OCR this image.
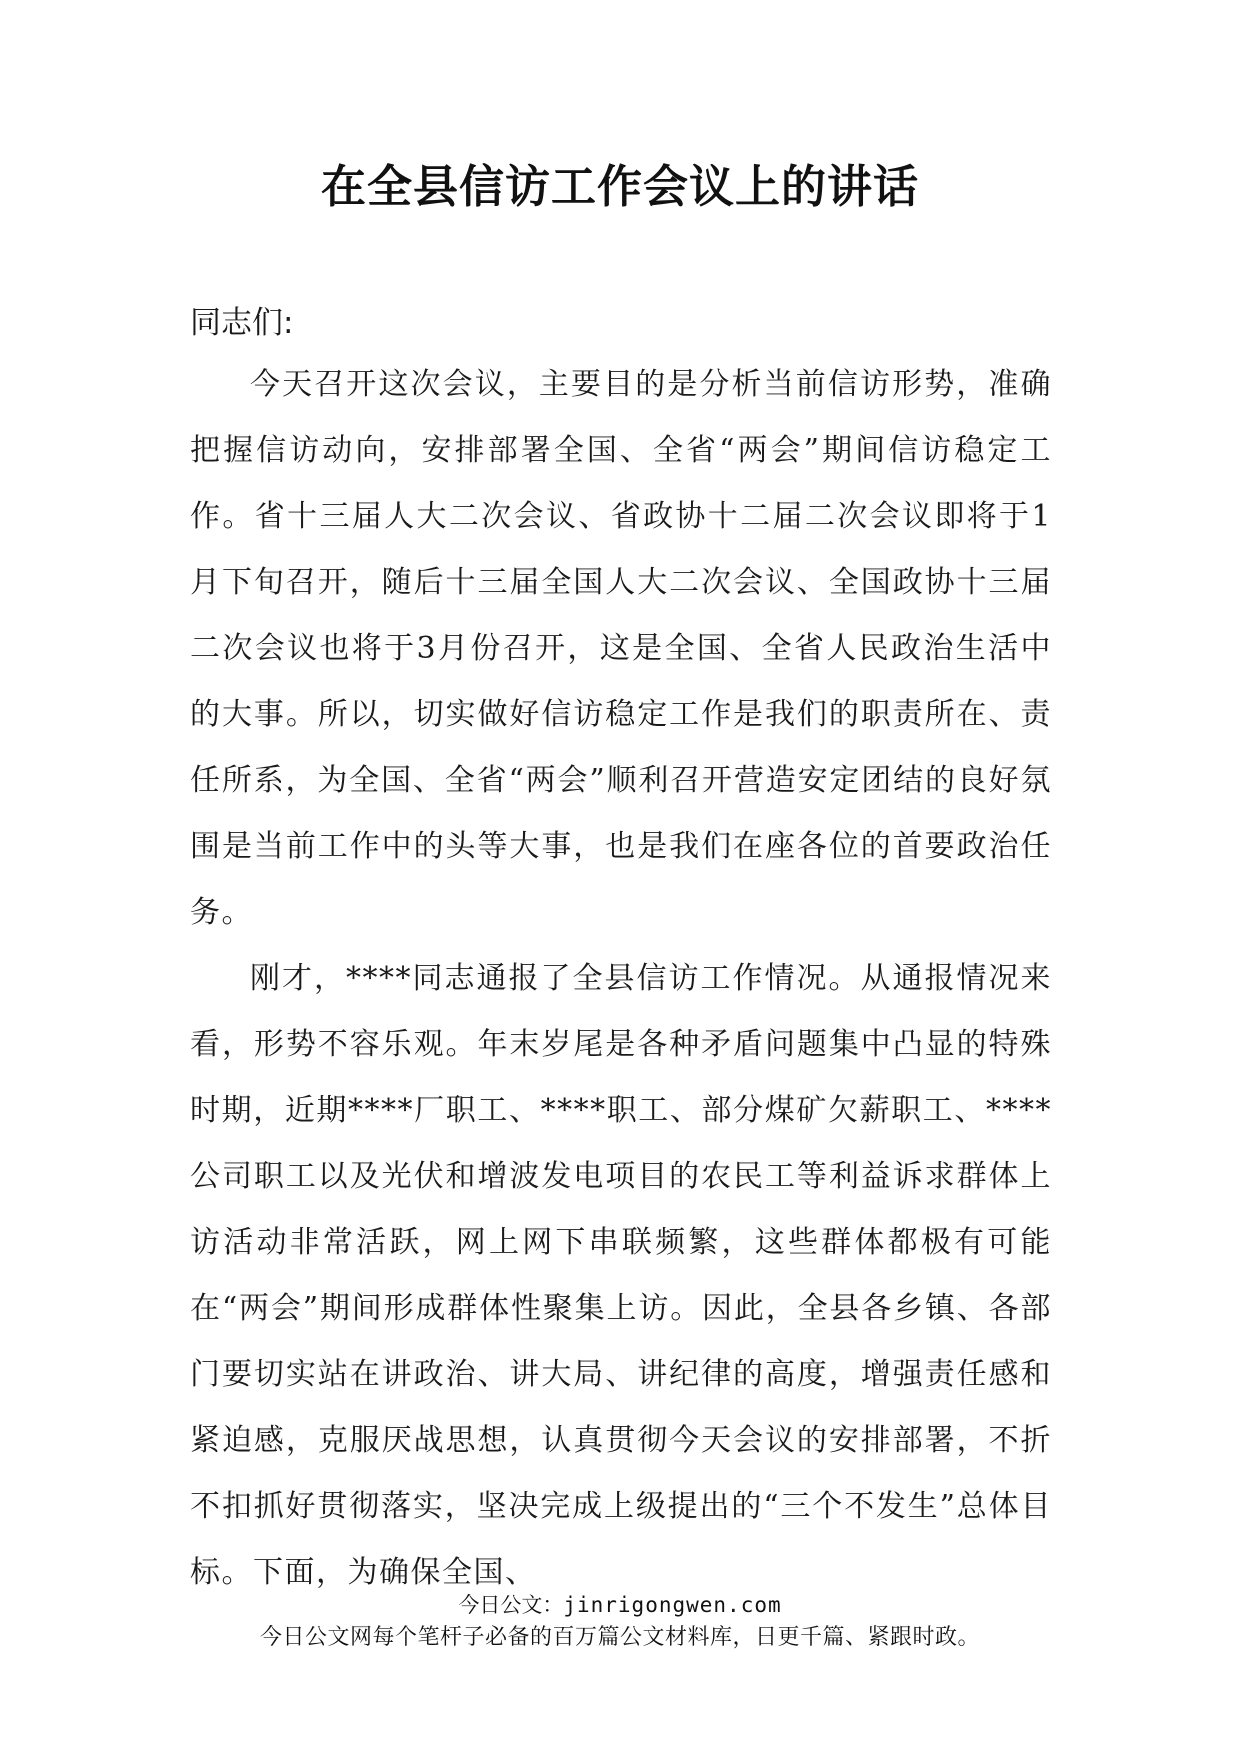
在全县信访工作会议上的讲话

同志们:

今天召开这次会议，主要目的是分析当前信访形势，准确把握信访动向，安排部署全国、全省“两会”期间信访稳定工作。省十三届人大二次会议、省政协十二届二次会议即将于1月下旬召开，随后十三届全国人大二次会议、全国政协十三届二次会议也将于3月份召开，这是全国、全省人民政治生活中的大事。所以，切实做好信访稳定工作是我们的职责所在、责任所系，为全国、全省“两会”顺利召开营造安定团结的良好氛围是当前工作中的头等大事，也是我们在座各位的首要政治任务。

刚才，****同志通报了全县信访工作情况。从通报情况来看，形势不容乐观。年末岁尾是各种矛盾问题集中凸显的特殊时期，近期****厂职工、****职工、部分煤矿欠薪职工、****公司职工以及光伏和增波发电项目的农民工等利益诉求群体上访活动非常活跃，网上网下串联频繁，这些群体都极有可能在“两会”期间形成群体性聚集上访。因此，全县各乡镇、各部门要切实站在讲政治、讲大局、讲纪律的高度，增强责任感和紧迫感，克服厌战思想，认真贯彻今天会议的安排部署，不折不扣抓好贯彻落实，坚决完成上级提出的“三个不发生”总体目标。下面，为确保全国、

今日公文：jinrigongwen.com
今日公文网每个笔杆子必备的百万篇公文材料库，日更千篇、紧跟时政。
